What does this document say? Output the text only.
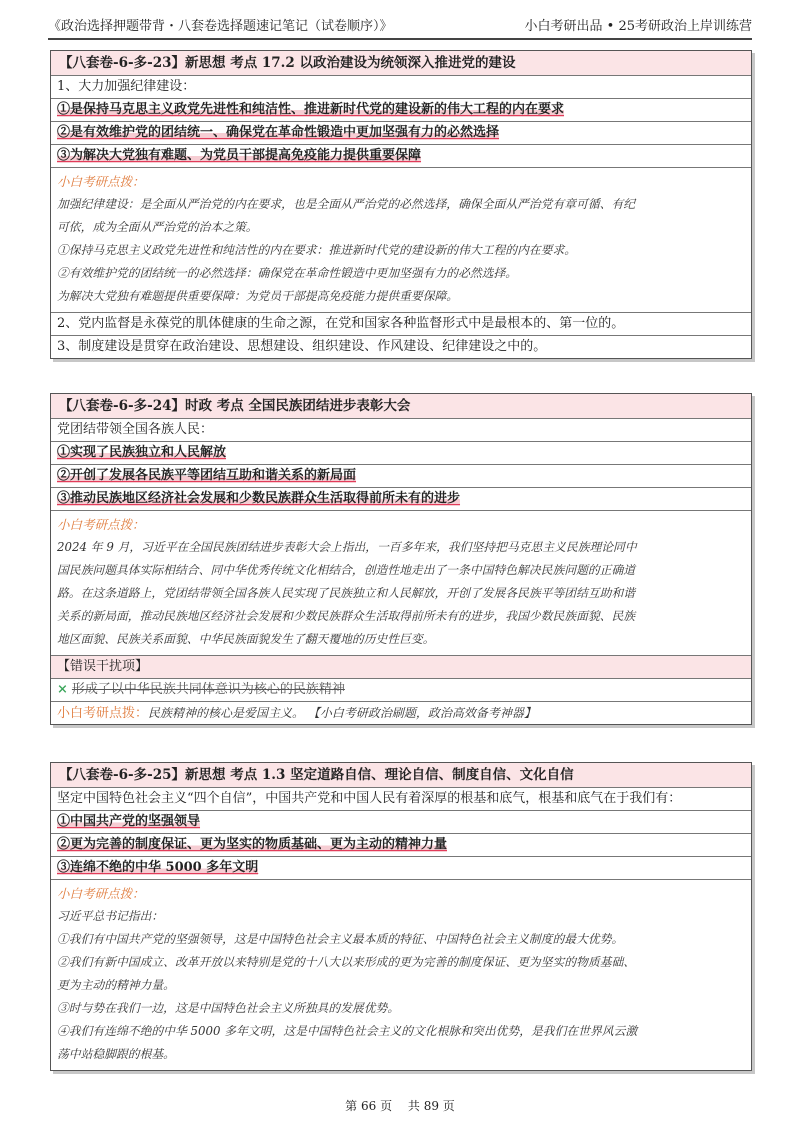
《政治选择押题带背・八套卷选择题速记笔记（试卷顺序）》	小白考研出品 • 25考研政治上岸训练营
【八套卷-6-多-23】新思想 考点 17.2 以政治建设为统领深入推进党的建设
1、大力加强纪律建设：
①是保持马克思主义政党先进性和纯洁性、推进新时代党的建设新的伟大工程的内在要求
②是有效维护党的团结统一、确保党在革命性锻造中更加坚强有力的必然选择
③为解决大党独有难题、为党员干部提高免疫能力提供重要保障

小白考研点拨：

加强纪律建设：是全面从严治党的内在要求，也是全面从严治党的必然选择，确保全面从严治党有章可循、有纪

可依，成为全面从严治党的治本之策。

①保持马克思主义政党先进性和纯洁性的内在要求：推进新时代党的建设新的伟大工程的内在要求。

②有效维护党的团结统一的必然选择：确保党在革命性锻造中更加坚强有力的必然选择。

为解决大党独有难题提供重要保障：为党员干部提高免疫能力提供重要保障。

2、党内监督是永葆党的肌体健康的生命之源，在党和国家各种监督形式中是最根本的、第一位的。
3、制度建设是贯穿在政治建设、思想建设、组织建设、作风建设、纪律建设之中的。
【八套卷-6-多-24】时政 考点 全国民族团结进步表彰大会
党团结带领全国各族人民：
①实现了民族独立和人民解放
②开创了发展各民族平等团结互助和谐关系的新局面
③推动民族地区经济社会发展和少数民族群众生活取得前所未有的进步

小白考研点拨：

2024 年 9 月，习近平在全国民族团结进步表彰大会上指出，一百多年来，我们坚持把马克思主义民族理论同中

国民族问题具体实际相结合、同中华优秀传统文化相结合，创造性地走出了一条中国特色解决民族问题的正确道

路。在这条道路上，党团结带领全国各族人民实现了民族独立和人民解放，开创了发展各民族平等团结互助和谐

关系的新局面，推动民族地区经济社会发展和少数民族群众生活取得前所未有的进步，我国少数民族面貌、民族

地区面貌、民族关系面貌、中华民族面貌发生了翻天覆地的历史性巨变。

【错误干扰项】
× 形成了以中华民族共同体意识为核心的民族精神
小白考研点拨：民族精神的核心是爱国主义。 【小白考研政治刷题，政治高效备考神器】
【八套卷-6-多-25】新思想 考点 1.3 坚定道路自信、理论自信、制度自信、文化自信
坚定中国特色社会主义“四个自信”，中国共产党和中国人民有着深厚的根基和底气，根基和底气在于我们有：
①中国共产党的坚强领导
②更为完善的制度保证、更为坚实的物质基础、更为主动的精神力量
③连绵不绝的中华 5000 多年文明

小白考研点拨：

习近平总书记指出：

①我们有中国共产党的坚强领导，这是中国特色社会主义最本质的特征、中国特色社会主义制度的最大优势。

②我们有新中国成立、改革开放以来特别是党的十八大以来形成的更为完善的制度保证、更为坚实的物质基础、

更为主动的精神力量。

③时与势在我们一边，这是中国特色社会主义所独具的发展优势。

④我们有连绵不绝的中华 5000 多年文明，这是中国特色社会主义的文化根脉和突出优势，是我们在世界风云激

荡中站稳脚跟的根基。

第 66 页 共 89 页
